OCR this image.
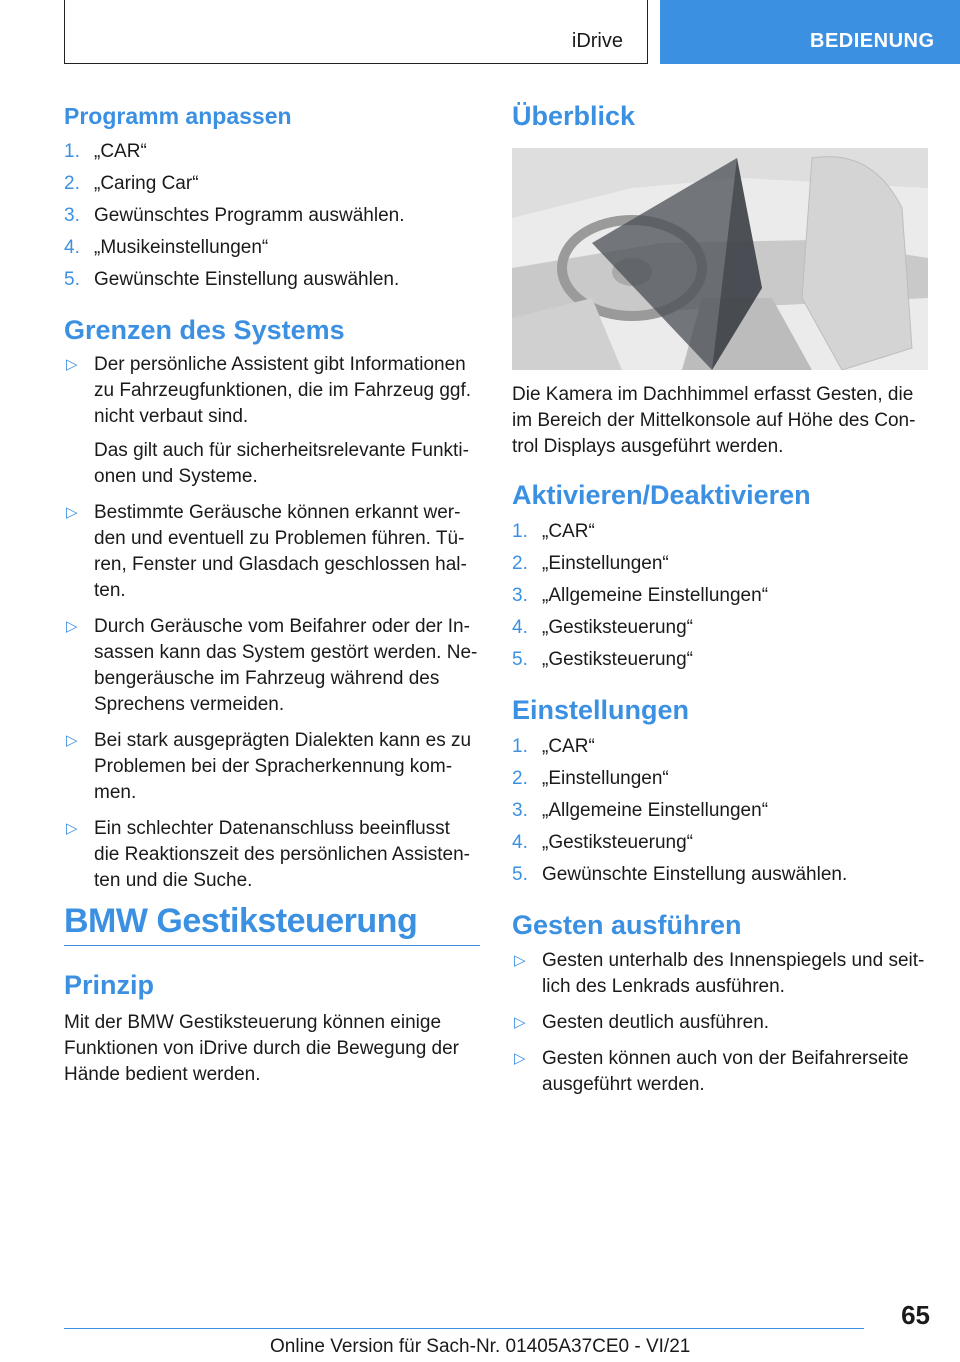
iDrive	BEDIENUNG
Programm anpassen
1. „CAR“
2. „Caring Car“
3. Gewünschtes Programm auswählen.
4. „Musikeinstellungen“
5. Gewünschte Einstellung auswählen.
Grenzen des Systems
▷ Der persönliche Assistent gibt Informationen zu Fahrzeugfunktionen, die im Fahrzeug ggf. nicht verbaut sind.

Das gilt auch für sicherheitsrelevante Funktionen und Systeme.

▷ Bestimmte Geräusche können erkannt werden und eventuell zu Problemen führen. Türen, Fenster und Glasdach geschlossen halten.
▷ Durch Geräusche vom Beifahrer oder der Insassen kann das System gestört werden. Nebengeräusche im Fahrzeug während des Sprechens vermeiden.
▷ Bei stark ausgeprägten Dialekten kann es zu Problemen bei der Spracherkennung kommen.
▷ Ein schlechter Datenanschluss beeinflusst die Reaktionszeit des persönlichen Assistenten und die Suche.
BMW Gestiksteuerung
Prinzip

Mit der BMW Gestiksteuerung können einige Funktionen von iDrive durch die Bewegung der Hände bedient werden.

Überblick

Die Kamera im Dachhimmel erfasst Gesten, die im Bereich der Mittelkonsole auf Höhe des Control Displays ausgeführt werden.

Aktivieren/Deaktivieren
1. „CAR“
2. „Einstellungen“
3. „Allgemeine Einstellungen“
4. „Gestiksteuerung“
5. „Gestiksteuerung“
Einstellungen
1. „CAR“
2. „Einstellungen“
3. „Allgemeine Einstellungen“
4. „Gestiksteuerung“
5. Gewünschte Einstellung auswählen.
Gesten ausführen
▷ Gesten unterhalb des Innenspiegels und seitlich des Lenkrads ausführen.
▷ Gesten deutlich ausführen.
▷ Gesten können auch von der Beifahrerseite ausgeführt werden.
65
Online Version für Sach-Nr. 01405A37CE0 - VI/21
